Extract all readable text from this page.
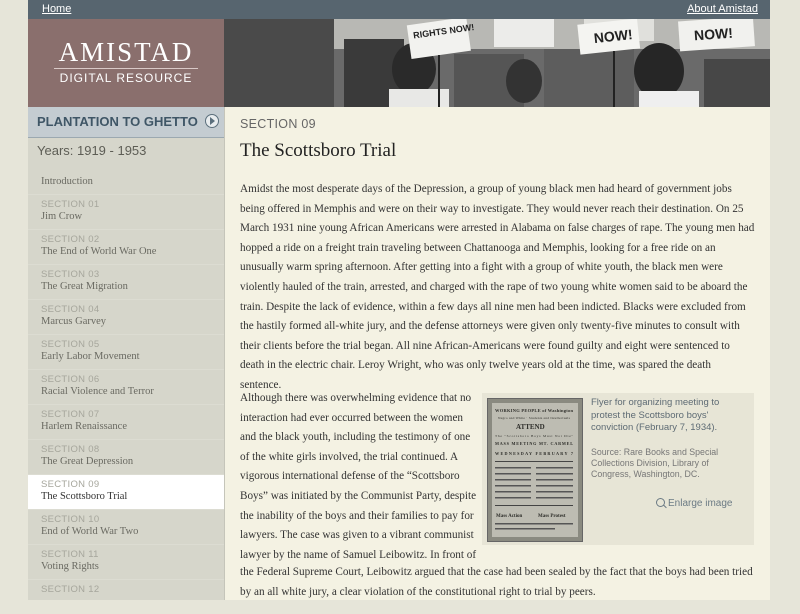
Home	About Amistad
AMISTAD
DIGITAL RESOURCE
RIGHTS NOW!	NOW!	NOW!
PLANTATION TO GHETTO
Years: 1919 - 1953
Introduction
SECTION 01
Jim Crow
SECTION 02
The End of World War One
SECTION 03
The Great Migration
SECTION 04
Marcus Garvey
SECTION 05
Early Labor Movement
SECTION 06
Racial Violence and Terror
SECTION 07
Harlem Renaissance
SECTION 08
The Great Depression
SECTION 09
The Scottsboro Trial
SECTION 10
End of World War Two
SECTION 11
Voting Rights
SECTION 12
SECTION 09
The Scottsboro Trial

Amidst the most desperate days of the Depression, a group of young black men had heard of government jobs being offered in Memphis and were on their way to investigate. They would never reach their destination. On 25 March 1931 nine young African Americans were arrested in Alabama on false charges of rape. The young men had hopped a ride on a freight train traveling between Chattanooga and Memphis, looking for a free ride on an unusually warm spring afternoon. After getting into a fight with a group of white youth, the black men were violently hauled of the train, arrested, and charged with the rape of two young white women said to be aboard the train. Despite the lack of evidence, within a few days all nine men had been indicted. Blacks were excluded from the hastily formed all-white jury, and the defense attorneys were given only twenty-five minutes to consult with their clients before the trial began. All nine African-Americans were found guilty and eight were sentenced to death in the electric chair. Leroy Wright, who was only twelve years old at the time, was spared the death sentence.

Although there was overwhelming evidence that no interaction had ever occurred between the women and the black youth, including the testimony of one of the white girls involved, the trial continued. A vigorous international defense of the “Scottsboro Boys” was initiated by the Communist Party, despite the inability of the boys and their families to pay for lawyers. The case was given to a vibrant communist lawyer by the name of Samuel Leibowitz. In front of

WORKING PEOPLE of Washington
Negro and White · Students and Intellectuals
ATTEND
The "Scottsboro Boys Must Not Die"
MASS MEETING MT. CARMEL
WEDNESDAY FEBRUARY 7
Mass Action	Mass Protest
Flyer for organizing meeting to protest the Scottsboro boys' conviction (February 7, 1934).
Source: Rare Books and Special Collections Division, Library of Congress, Washington, DC.
Enlarge image

the Federal Supreme Court, Leibowitz argued that the case had been sealed by the fact that the boys had been tried by an all white jury, a clear violation of the constitutional right to trial by peers.
